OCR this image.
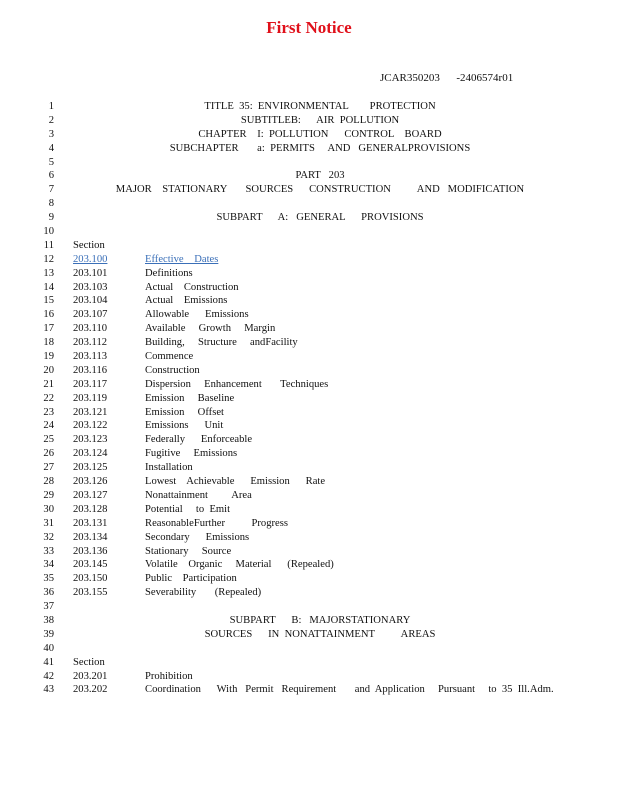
First Notice
JCAR350203      -2406574r01
1	TITLE  35:  ENVIRONMENTAL        PROTECTION
2	SUBTITLEB:      AIR  POLLUTION
3	CHAPTER    I:  POLLUTION      CONTROL    BOARD
4	SUBCHAPTER       a:  PERMITS     AND   GENERALPROVISIONS
5
6	PART   203
7	MAJOR    STATIONARY       SOURCES      CONSTRUCTION          AND   MODIFICATION
8
9	SUBPART      A:   GENERAL      PROVISIONS
10
11 Section
12 203.100	Effective    Dates
13 203.101	Definitions
14 203.103	Actual    Construction
15 203.104	Actual    Emissions
16 203.107	Allowable      Emissions
17 203.110	Available     Growth     Margin
18 203.112	Building,     Structure     andFacility
19 203.113	Commence
20 203.116	Construction
21 203.117	Dispersion     Enhancement       Techniques
22 203.119	Emission     Baseline
23 203.121	Emission     Offset
24 203.122	Emissions      Unit
25 203.123	Federally      Enforceable
26 203.124	Fugitive     Emissions
27 203.125	Installation
28 203.126	Lowest    Achievable      Emission      Rate
29 203.127	Nonattainment         Area
30 203.128	Potential     to  Emit
31 203.131	ReasonableFurther          Progress
32 203.134	Secondary      Emissions
33 203.136	Stationary     Source
34 203.145	Volatile    Organic     Material      (Repealed)
35 203.150	Public    Participation
36 203.155	Severability       (Repealed)
37
38	SUBPART      B:   MAJORSTATIONARY
39	SOURCES      IN  NONATTAINMENT          AREAS
40
41 Section
42 203.201	Prohibition
43 203.202	Coordination      With   Permit   Requirement       and  Application     Pursuant     to  35  Ill.Adm.
